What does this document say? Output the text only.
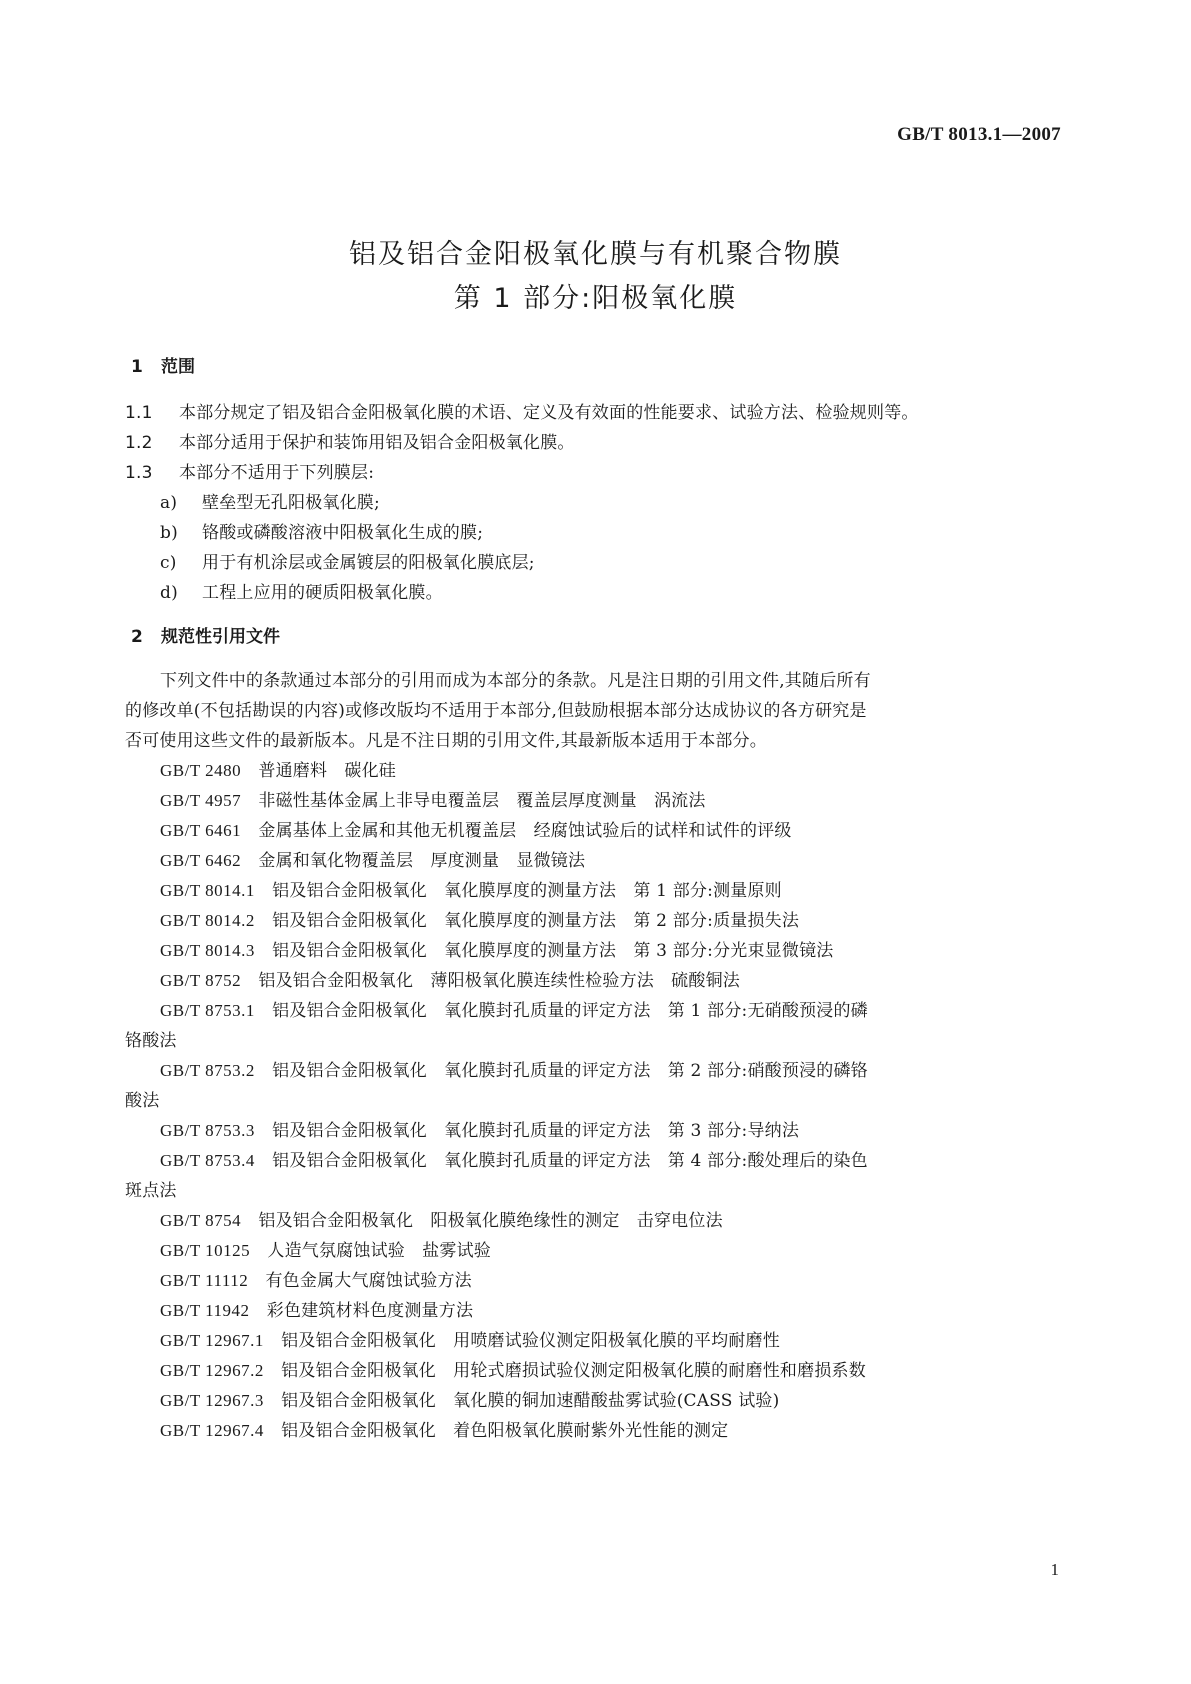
GB/T 8013.1—2007
铝及铝合金阳极氧化膜与有机聚合物膜
第 1 部分:阳极氧化膜
1 范围
1.1 本部分规定了铝及铝合金阳极氧化膜的术语、定义及有效面的性能要求、试验方法、检验规则等。
1.2 本部分适用于保护和装饰用铝及铝合金阳极氧化膜。
1.3 本部分不适用于下列膜层:
a) 壁垒型无孔阳极氧化膜;
b) 铬酸或磷酸溶液中阳极氧化生成的膜;
c) 用于有机涂层或金属镀层的阳极氧化膜底层;
d) 工程上应用的硬质阳极氧化膜。
2 规范性引用文件
下列文件中的条款通过本部分的引用而成为本部分的条款。凡是注日期的引用文件,其随后所有
的修改单(不包括勘误的内容)或修改版均不适用于本部分,但鼓励根据本部分达成协议的各方研究是
否可使用这些文件的最新版本。凡是不注日期的引用文件,其最新版本适用于本部分。
GB/T 2480　 普通磨料　碳化硅
GB/T 4957　 非磁性基体金属上非导电覆盖层　覆盖层厚度测量　涡流法
GB/T 6461　 金属基体上金属和其他无机覆盖层　经腐蚀试验后的试样和试件的评级
GB/T 6462　 金属和氧化物覆盖层　厚度测量　显微镜法
GB/T 8014.1　 铝及铝合金阳极氧化　氧化膜厚度的测量方法　第 1 部分:测量原则
GB/T 8014.2　 铝及铝合金阳极氧化　氧化膜厚度的测量方法　第 2 部分:质量损失法
GB/T 8014.3　 铝及铝合金阳极氧化　氧化膜厚度的测量方法　第 3 部分:分光束显微镜法
GB/T 8752　 铝及铝合金阳极氧化　薄阳极氧化膜连续性检验方法　硫酸铜法
GB/T 8753.1　 铝及铝合金阳极氧化　氧化膜封孔质量的评定方法　第 1 部分:无硝酸预浸的磷
铬酸法
GB/T 8753.2　 铝及铝合金阳极氧化　氧化膜封孔质量的评定方法　第 2 部分:硝酸预浸的磷铬
酸法
GB/T 8753.3　 铝及铝合金阳极氧化　氧化膜封孔质量的评定方法　第 3 部分:导纳法
GB/T 8753.4　 铝及铝合金阳极氧化　氧化膜封孔质量的评定方法　第 4 部分:酸处理后的染色
斑点法
GB/T 8754　 铝及铝合金阳极氧化　阳极氧化膜绝缘性的测定　击穿电位法
GB/T 10125　 人造气氛腐蚀试验　盐雾试验
GB/T 11112　 有色金属大气腐蚀试验方法
GB/T 11942　 彩色建筑材料色度测量方法
GB/T 12967.1　 铝及铝合金阳极氧化　用喷磨试验仪测定阳极氧化膜的平均耐磨性
GB/T 12967.2　 铝及铝合金阳极氧化　用轮式磨损试验仪测定阳极氧化膜的耐磨性和磨损系数
GB/T 12967.3　 铝及铝合金阳极氧化　氧化膜的铜加速醋酸盐雾试验(CASS 试验)
GB/T 12967.4　 铝及铝合金阳极氧化　着色阳极氧化膜耐紫外光性能的测定
1
